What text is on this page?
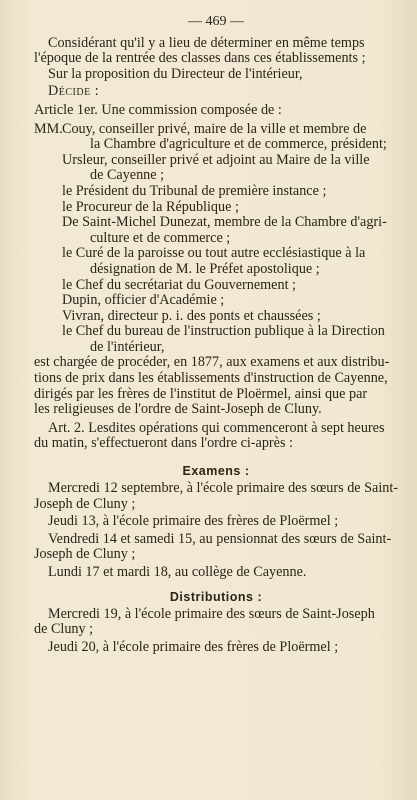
— 469 —
Considérant qu'il y a lieu de déterminer en même temps
l'époque de la rentrée des classes dans ces établissements ;
Sur la proposition du Directeur de l'intérieur,
Décide :
Article 1er. Une commission composée de :
MM. Couy, conseiller privé, maire de la ville et membre de
la Chambre d'agriculture et de commerce, président;
Ursleur, conseiller privé et adjoint au Maire de la ville
de Cayenne ;
le Président du Tribunal de première instance ;
le Procureur de la République ;
De Saint-Michel Dunezat, membre de la Chambre d'agri-
culture et de commerce ;
le Curé de la paroisse ou tout autre ecclésiastique à la
désignation de M. le Préfet apostolique ;
le Chef du secrétariat du Gouvernement ;
Dupin, officier d'Académie ;
Vivran, directeur p. i. des ponts et chaussées ;
le Chef du bureau de l'instruction publique à la Direction
de l'intérieur,
est chargée de procéder, en 1877, aux examens et aux distribu-
tions de prix dans les établissements d'instruction de Cayenne,
dirigés par les frères de l'institut de Ploërmel, ainsi que par
les religieuses de l'ordre de Saint-Joseph de Cluny.
Art. 2. Lesdites opérations qui commenceront à sept heures
du matin, s'effectueront dans l'ordre ci-après :
Examens :
Mercredi 12 septembre, à l'école primaire des sœurs de Saint-
Joseph de Cluny ;
Jeudi 13, à l'école primaire des frères de Ploërmel ;
Vendredi 14 et samedi 15, au pensionnat des sœurs de Saint-
Joseph de Cluny ;
Lundi 17 et mardi 18, au collège de Cayenne.
Distributions :
Mercredi 19, à l'école primaire des sœurs de Saint-Joseph
de Cluny ;
Jeudi 20, à l'école primaire des frères de Ploërmel ;
